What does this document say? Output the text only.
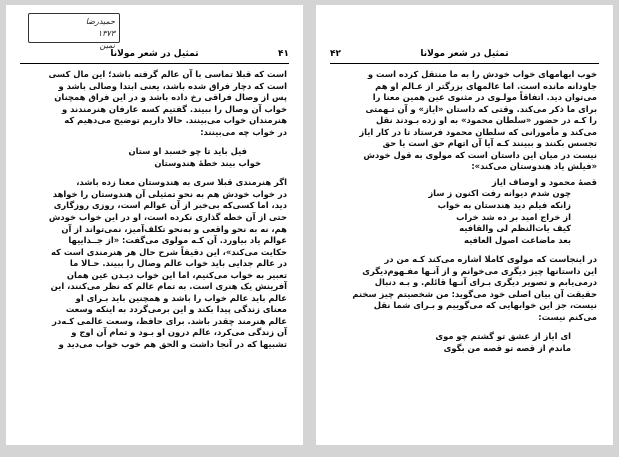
حمیدرضا
۱۳۷۳
نمین
۴۱
تمثیل در شعر مولانا

است که قبلا تماسی با آن عالم گرفته باشد؛ این مال کسی

است که دچار فراق شده باشد، یعنی ابتدا وصالی باشد و

پس از وصال فراقی رخ داده باشد و در این فراق همچنان

خواب آن وصال را ببیند. گفتیم کسه عارفان هنرمندند و

هنرمندان خواب می‌بینند. حالا داریم توضیح می‌دهیم که

در خواب چه می‌بینند:

فیل باید تا چو خسبد او ستان

خواب بیند خطهٔ هندوستان

اگر هنرمندی قبلا سری به هندوستان معنا زده باشد،

در خواب خودش هم به نحو تمثیلی آن هندوستان را خواهد

دید، اما کسی‌که بی‌خبر از آن عوالم است، روزی روزگاری

حتی از آن خطه گذاری نکرده است، او در این خواب خودش

هم، نه به نحو واقعی و به‌نحو تکلف‌آمیز، نمی‌تواند از آن

عوالم یاد بیاورد. آن کـه مولوی می‌گفت: «از جــداییها

حکایت می‌کند»، این دقیقاً شرح حال هر هنرمندی است که

در عالم جدایی باید خواب عالم وصال را ببیند. حـالا ما

تعبیر به خواب می‌کنیم، اما این خواب دیـدن عین همان

آفرینش یک هنری است. به تمام عالم که نظر می‌کنند، این

عالم باید عالم خواب را باشد و همچنین باید بـرای او

معنای زندگی پیدا بکند و این برمی‌گردد به اینکه وسعت

عالم هنرمند چقدر باشد. برای حافظ، وسعت عالمی کـه‌در

آن زندگی می‌کرد، عالم درون او بـود و تمام آن اوج و

تشبیها که در آنجا داشت و الحق هم خوب خواب می‌دید و

۴۲	تمثیل در شعر مولانا

خوب ابهامهای خواب خودش را به ما منتقل کرده است و

جاودانه مانده است. اما عالمهای بزرگتر از عـالم او هم

می‌توان دید. اتفاقاً مولـوی در مثنوی عین همین معنا را

برای ما ذکر می‌کند. وقتی که داستان «ایاز» و آن تـهمتی

را کـه در حضور «سلطان محمود» به او زده بـودند نقل

می‌کند و مأمورانی که سلطان محمود فرستاد تا در کار ایاز

تجسس بکنند و ببینند کـه آیا آن اتهام حق است یا حق

نیست در میان این داستان است که مولوی به قول خودش

«فیلش یاد هندوستان می‌کند»:

قصهٔ محمود و اوصاف ایاز

چون شدم دیوانه رفت اکنون ز ساز

زانکه فیلم دید هندستان به خواب

از خراج امید بر ده شد خراب

کیف یات‌النظم لی والقافیه

بعد ماضاعت اصول العافیه

در اینجاست که مولوی کاملا اشاره می‌کند کـه من در

این داستانها چیز دیگری می‌خوانم و از آنـها مفـهوم‌دیگری

درمی‌یابم و تصویر دیگری بـرای آنـها قائلم. و بـه دنبال

حقیقت آن بیان اصلی خود می‌گوید: من شخصیتم چیز سخنم

نیست، جز این خوابهایی که می‌گوییم و بـرای شما نقل

می‌کنم نیست:

ای ایاز از عشق تو گشتم چو موی

ماندم از قصه تو قصه من بگوی
